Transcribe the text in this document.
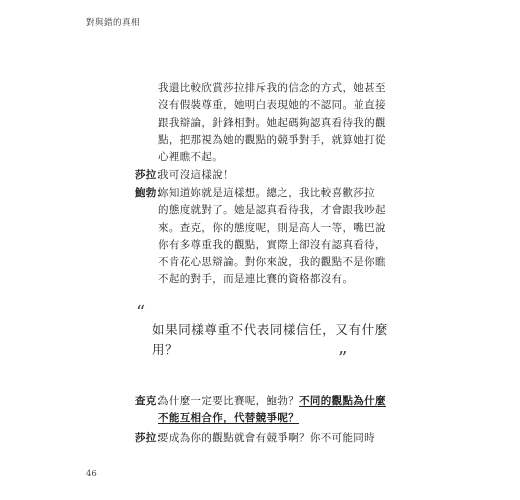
對與錯的真相
我還比較欣賞莎拉排斥我的信念的方式，她甚至
沒有假裝尊重，她明白表現她的不認同。並直接
跟我辯論，針鋒相對。她起碼夠認真看待我的觀
點，把那視為她的觀點的競爭對手，就算她打從
心裡瞧不起。
莎拉：
我可沒這樣說！
鮑勃：
妳知道妳就是這樣想。總之，我比較喜歡莎拉
的態度就對了。她是認真看待我，才會跟我吵起
來。查克，你的態度呢，則是高人一等，嘴巴說
你有多尊重我的觀點，實際上卻沒有認真看待，
不肯花心思辯論。對你來說，我的觀點不是你瞧
不起的對手，而是連比賽的資格都沒有。
“
如果同樣尊重不代表同樣信任，又有什麼
用？	”
查克：
為什麼一定要比賽呢，鮑勃？不同的觀點為什麼
不能互相合作，代替競爭呢？
莎拉：
要成為你的觀點就會有競爭啊？你不可能同時
46
